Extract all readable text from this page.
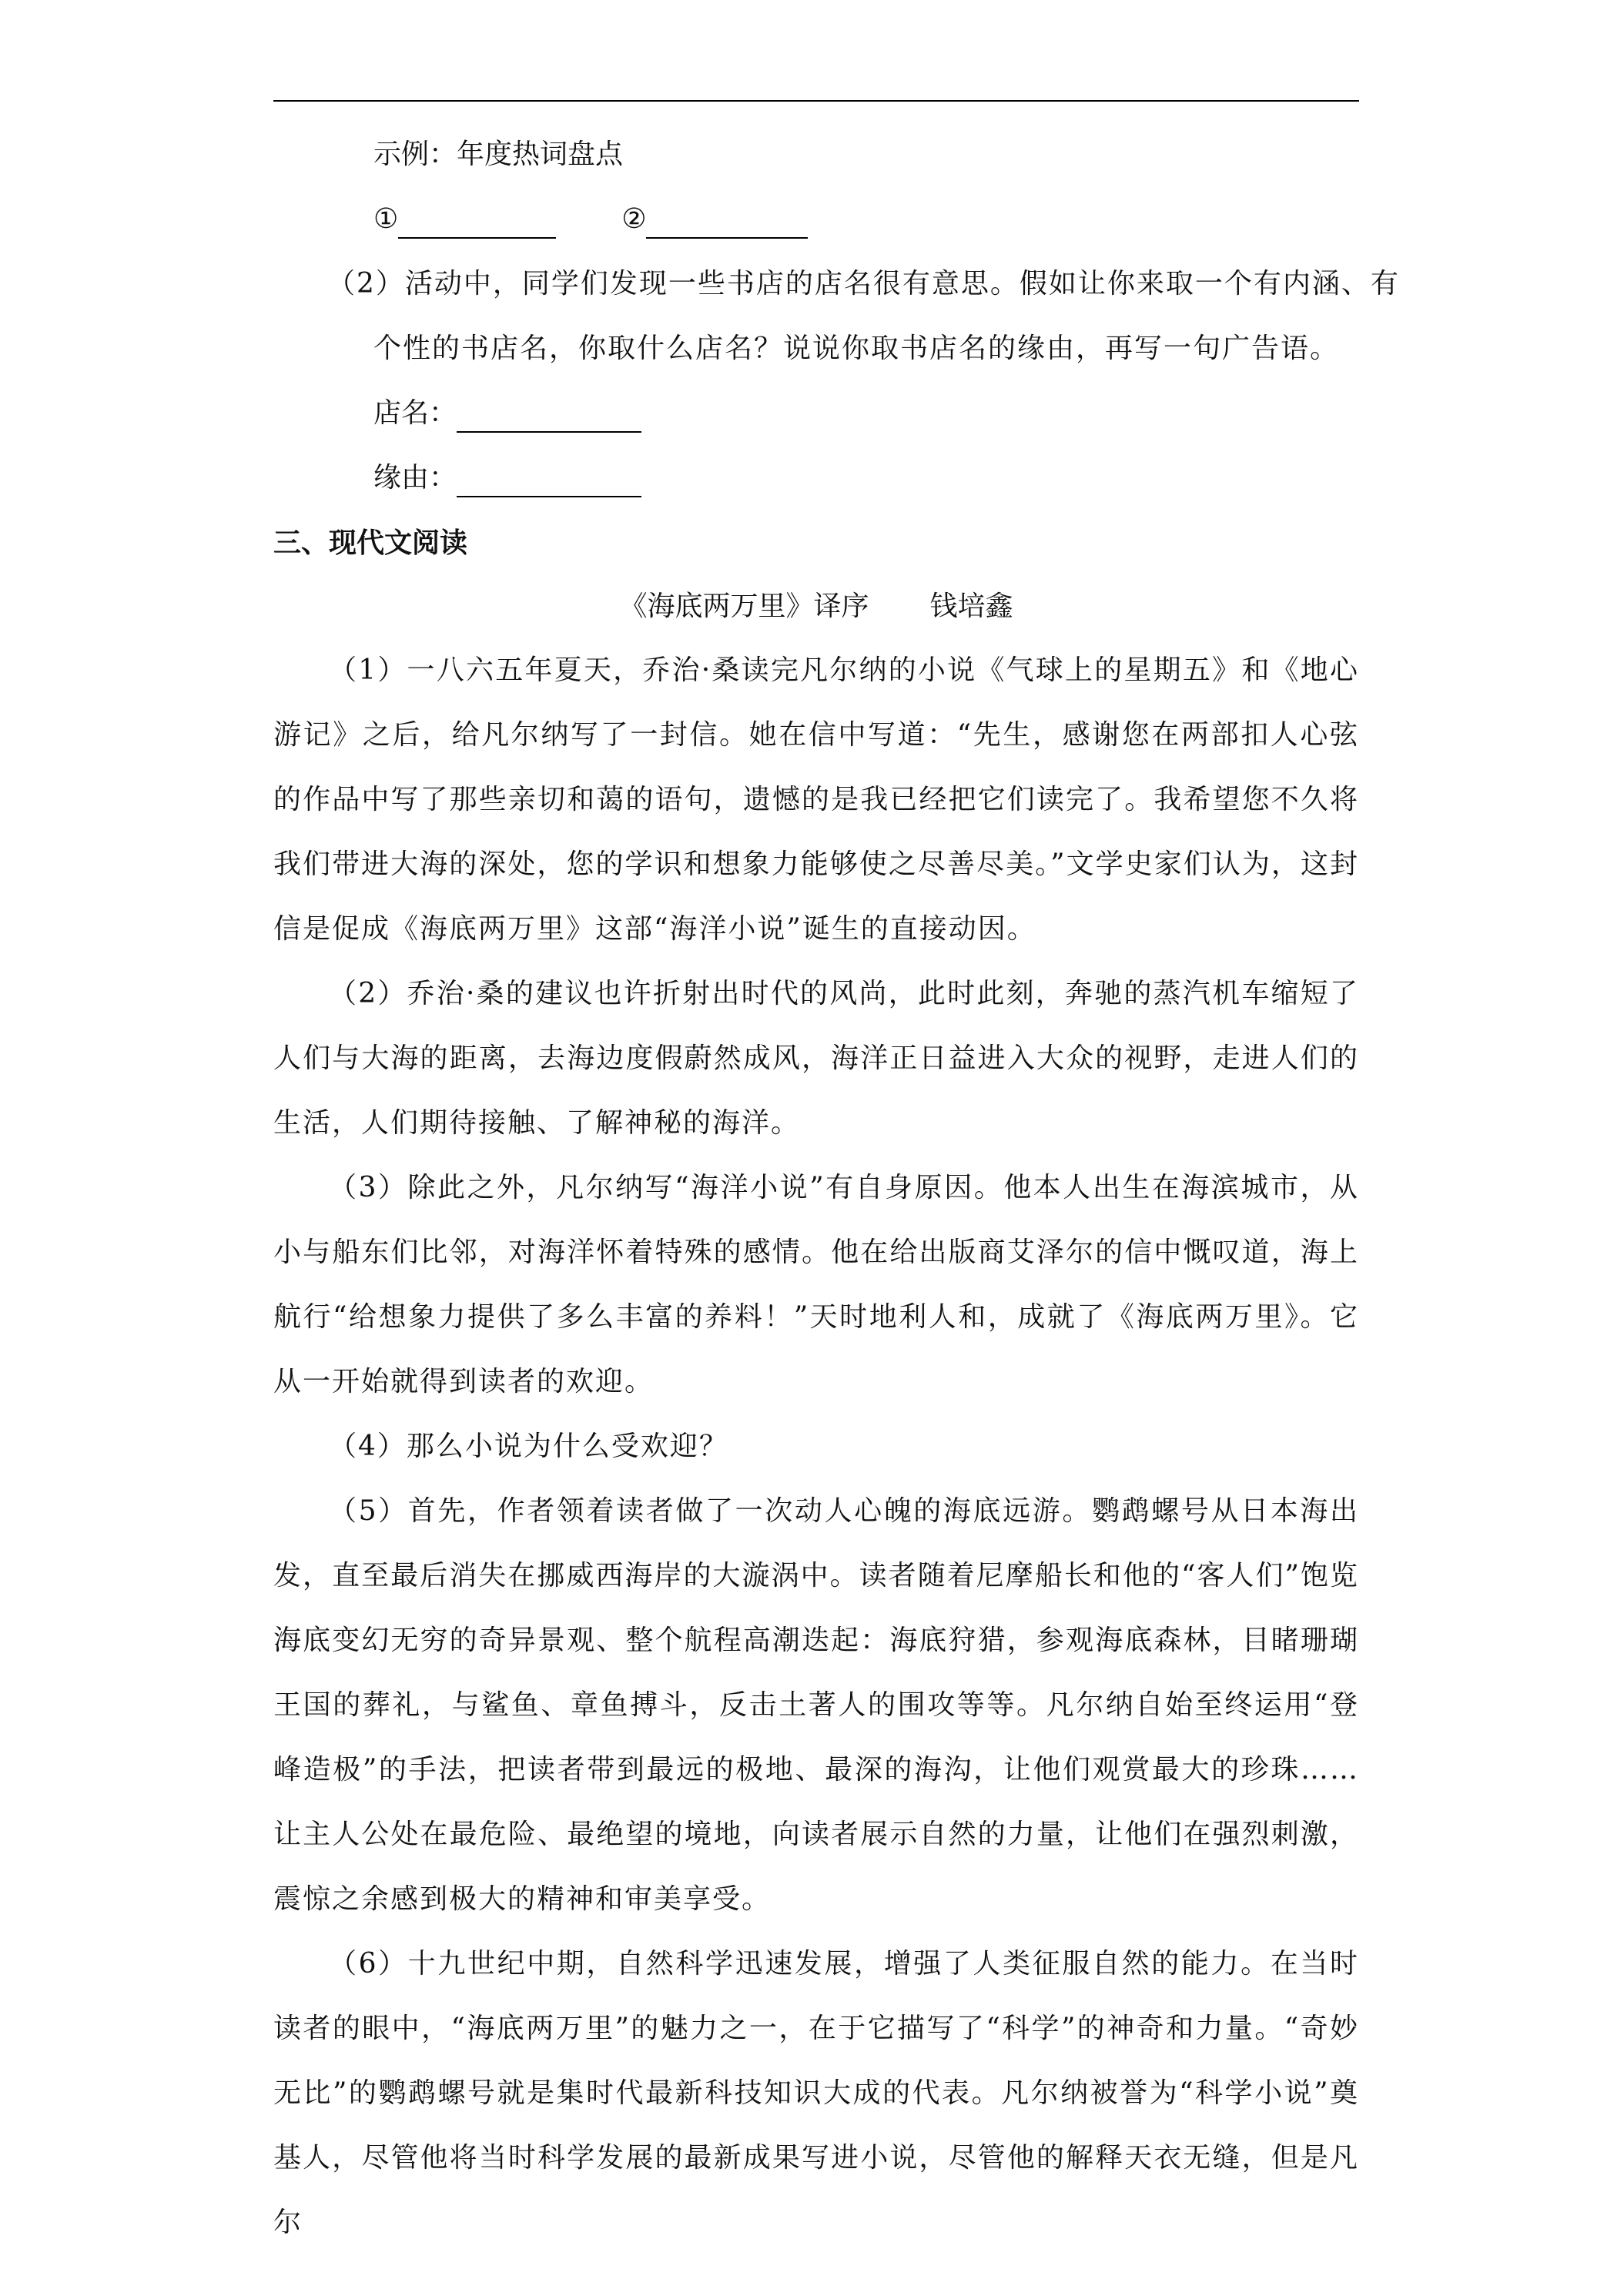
示例：年度热词盘点
①	②
（2）活动中，同学们发现一些书店的店名很有意思。假如让你来取一个有内涵、有
个性的书店名，你取什么店名？说说你取书店名的缘由，再写一句广告语。
店名：
缘由：
三、现代文阅读
《海底两万里》译序 钱培鑫
（1）一八六五年夏天，乔治·桑读完凡尔纳的小说《气球上的星期五》和《地心游记》之后，给凡尔纳写了一封信。她在信中写道：“先生，感谢您在两部扣人心弦的作品中写了那些亲切和蔼的语句，遗憾的是我已经把它们读完了。我希望您不久将我们带进大海的深处，您的学识和想象力能够使之尽善尽美。”文学史家们认为，这封信是促成《海底两万里》这部“海洋小说”诞生的直接动因。
（2）乔治·桑的建议也许折射出时代的风尚，此时此刻，奔驰的蒸汽机车缩短了人们与大海的距离，去海边度假蔚然成风，海洋正日益进入大众的视野，走进人们的生活，人们期待接触、了解神秘的海洋。
（3）除此之外，凡尔纳写“海洋小说”有自身原因。他本人出生在海滨城市，从小与船东们比邻，对海洋怀着特殊的感情。他在给出版商艾泽尔的信中慨叹道，海上航行“给想象力提供了多么丰富的养料！”天时地利人和，成就了《海底两万里》。它从一开始就得到读者的欢迎。
（4）那么小说为什么受欢迎？
（5）首先，作者领着读者做了一次动人心魄的海底远游。鹦鹉螺号从日本海出发，直至最后消失在挪威西海岸的大漩涡中。读者随着尼摩船长和他的“客人们”饱览海底变幻无穷的奇异景观、整个航程高潮迭起：海底狩猎，参观海底森林，目睹珊瑚王国的葬礼，与鲨鱼、章鱼搏斗，反击土著人的围攻等等。凡尔纳自始至终运用“登峰造极”的手法，把读者带到最远的极地、最深的海沟，让他们观赏最大的珍珠……让主人公处在最危险、最绝望的境地，向读者展示自然的力量，让他们在强烈刺激，震惊之余感到极大的精神和审美享受。
（6）十九世纪中期，自然科学迅速发展，增强了人类征服自然的能力。在当时读者的眼中，“海底两万里”的魅力之一，在于它描写了“科学”的神奇和力量。“奇妙无比”的鹦鹉螺号就是集时代最新科技知识大成的代表。凡尔纳被誉为“科学小说”奠基人，尽管他将当时科学发展的最新成果写进小说，尽管他的解释天衣无缝，但是凡尔
